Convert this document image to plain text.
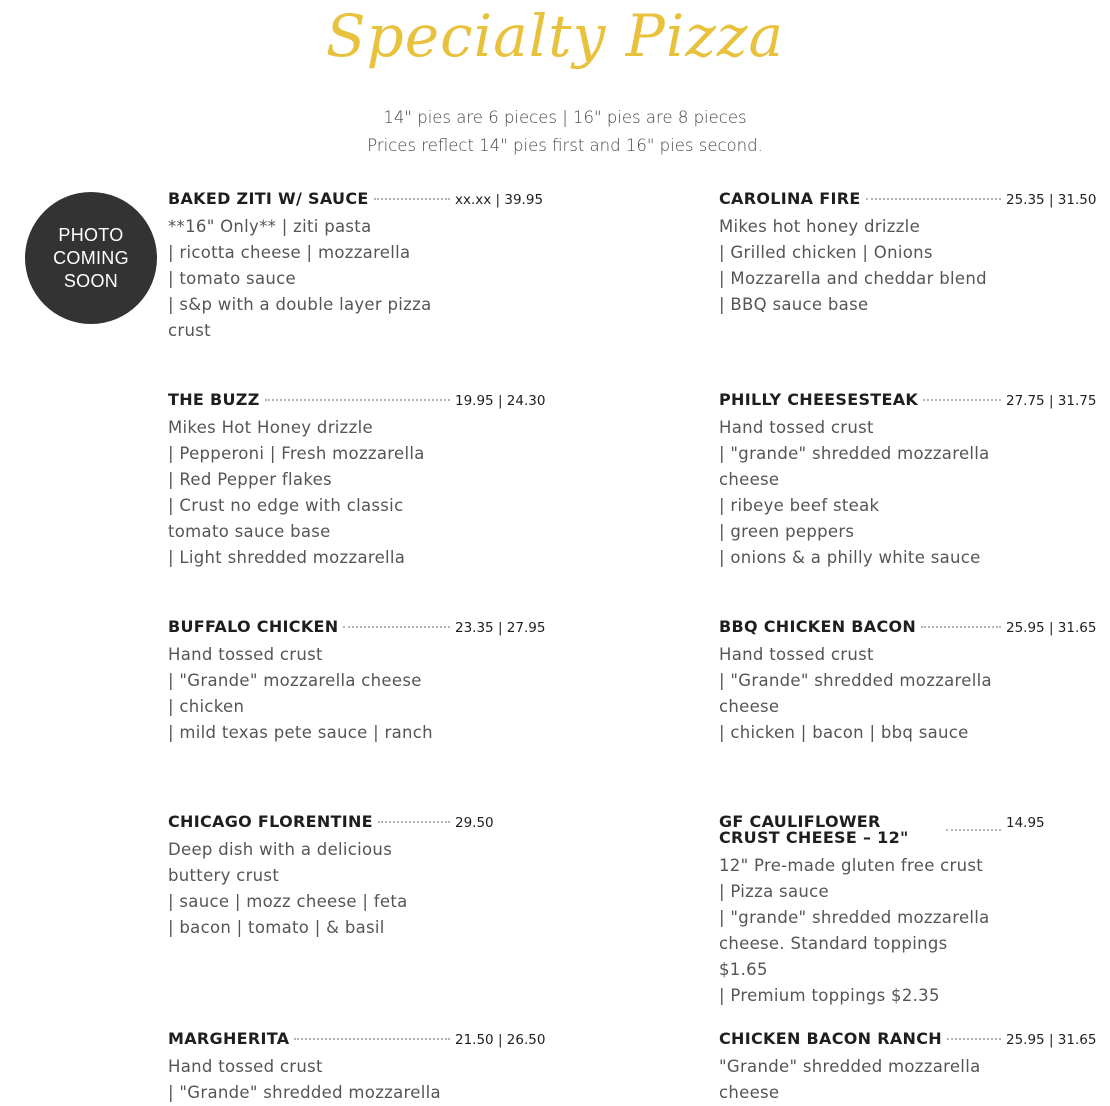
Specialty Pizza
14" pies are 6 pieces | 16" pies are 8 pieces
Prices reflect 14" pies first and 16" pies second.
PHOTO
COMING
SOON
BAKED ZITI W/ SAUCE	xx.xx | 39.95
**16" Only** | ziti pasta
| ricotta cheese | mozzarella
| tomato sauce
| s&p with a double layer pizza crust
CAROLINA FIRE	25.35 | 31.50
Mikes hot honey drizzle
| Grilled chicken | Onions
| Mozzarella and cheddar blend
| BBQ sauce base
THE BUZZ	19.95 | 24.30
Mikes Hot Honey drizzle
| Pepperoni | Fresh mozzarella
| Red Pepper flakes
| Crust no edge with classic tomato sauce base
| Light shredded mozzarella
PHILLY CHEESESTEAK	27.75 | 31.75
Hand tossed crust
| "grande" shredded mozzarella cheese
| ribeye beef steak
| green peppers
| onions & a philly white sauce
BUFFALO CHICKEN	23.35 | 27.95
Hand tossed crust
| "Grande" mozzarella cheese
| chicken
| mild texas pete sauce | ranch
BBQ CHICKEN BACON	25.95 | 31.65
Hand tossed crust
| "Grande" shredded mozzarella cheese
| chicken | bacon | bbq sauce
CHICAGO FLORENTINE	29.50
Deep dish with a delicious buttery crust
| sauce | mozz cheese | feta
| bacon | tomato | & basil
GF CAULIFLOWER CRUST CHEESE – 12"
14.95
12" Pre-made gluten free crust
| Pizza sauce
| "grande" shredded mozzarella cheese. Standard toppings $1.65
| Premium toppings $2.35
MARGHERITA	21.50 | 26.50
Hand tossed crust
| "Grande" shredded mozzarella
CHICKEN BACON RANCH	25.95 | 31.65
"Grande" shredded mozzarella cheese
